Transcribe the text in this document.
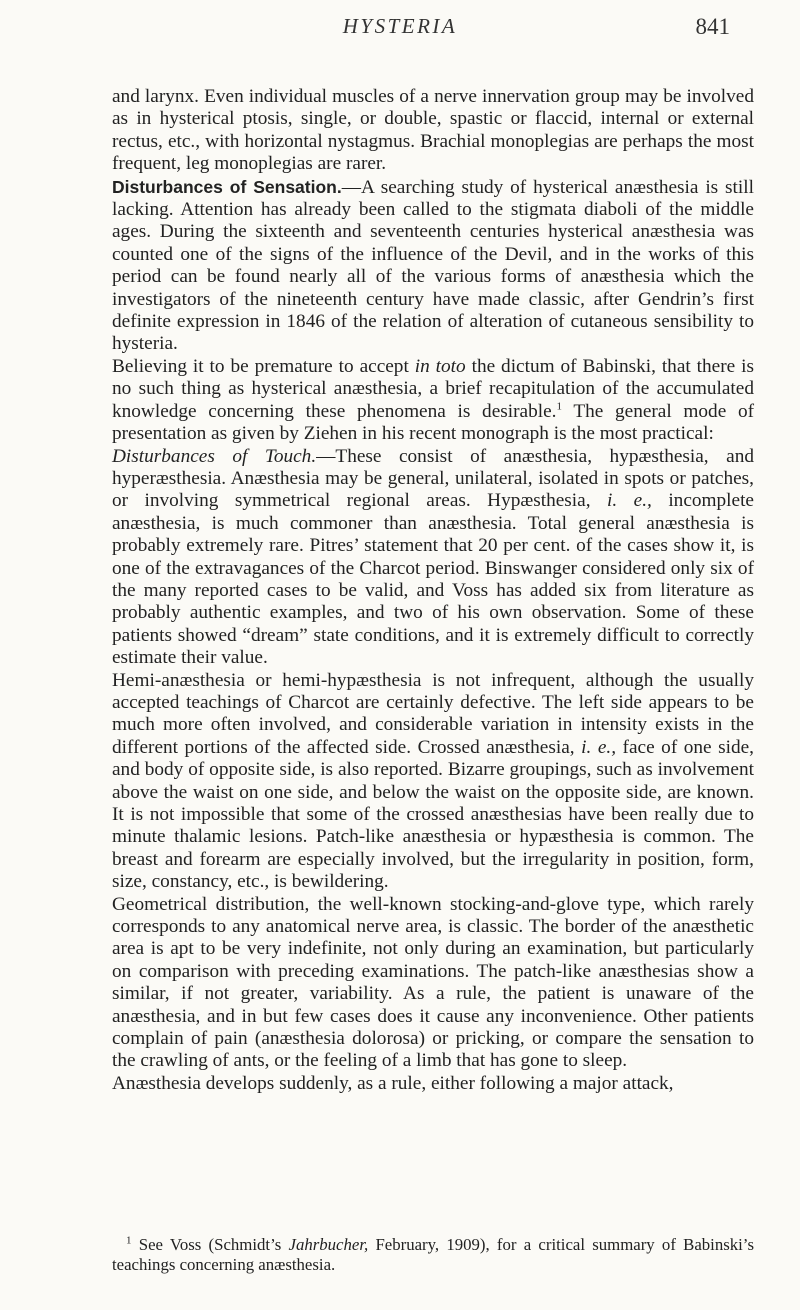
HYSTERIA	841

and larynx. Even individual muscles of a nerve innervation group may be involved as in hysterical ptosis, single, or double, spastic or flaccid, internal or external rectus, etc., with horizontal nystagmus. Brachial monoplegias are perhaps the most frequent, leg monoplegias are rarer.

Disturbances of Sensation.—A searching study of hysterical anæsthesia is still lacking. Attention has already been called to the stigmata diaboli of the middle ages. During the sixteenth and seventeenth centuries hysterical anæsthesia was counted one of the signs of the influence of the Devil, and in the works of this period can be found nearly all of the various forms of anæsthesia which the investigators of the nineteenth century have made classic, after Gendrin’s first definite expression in 1846 of the relation of alteration of cutaneous sensibility to hysteria.

Believing it to be premature to accept in toto the dictum of Babinski, that there is no such thing as hysterical anæsthesia, a brief recapitulation of the accumulated knowledge concerning these phenomena is desirable.$^1$ The general mode of presentation as given by Ziehen in his recent monograph is the most practical:

Disturbances of Touch.—These consist of anæsthesia, hypæsthesia, and hyperæsthesia. Anæsthesia may be general, unilateral, isolated in spots or patches, or involving symmetrical regional areas. Hypæsthesia, i. e., incomplete anæsthesia, is much commoner than anæsthesia. Total general anæsthesia is probably extremely rare. Pitres’ statement that 20 per cent. of the cases show it, is one of the extravagances of the Charcot period. Binswanger considered only six of the many reported cases to be valid, and Voss has added six from literature as probably authentic examples, and two of his own observation. Some of these patients showed “dream” state conditions, and it is extremely difficult to correctly estimate their value.

Hemi-anæsthesia or hemi-hypæsthesia is not infrequent, although the usually accepted teachings of Charcot are certainly defective. The left side appears to be much more often involved, and considerable variation in intensity exists in the different portions of the affected side. Crossed anæsthesia, i. e., face of one side, and body of opposite side, is also reported. Bizarre groupings, such as involvement above the waist on one side, and below the waist on the opposite side, are known. It is not impossible that some of the crossed anæsthesias have been really due to minute thalamic lesions. Patch-like anæsthesia or hypæsthesia is common. The breast and forearm are especially involved, but the irregularity in position, form, size, constancy, etc., is bewildering.

Geometrical distribution, the well-known stocking-and-glove type, which rarely corresponds to any anatomical nerve area, is classic. The border of the anæsthetic area is apt to be very indefinite, not only during an examination, but particularly on comparison with preceding examinations. The patch-like anæsthesias show a similar, if not greater, variability. As a rule, the patient is unaware of the anæsthesia, and in but few cases does it cause any inconvenience. Other patients complain of pain (anæsthesia dolorosa) or pricking, or compare the sensation to the crawling of ants, or the feeling of a limb that has gone to sleep.

Anæsthesia develops suddenly, as a rule, either following a major attack,

$^1$ See Voss (Schmidt’s Jahrbucher, February, 1909), for a critical summary of Babinski’s teachings concerning anæsthesia.
